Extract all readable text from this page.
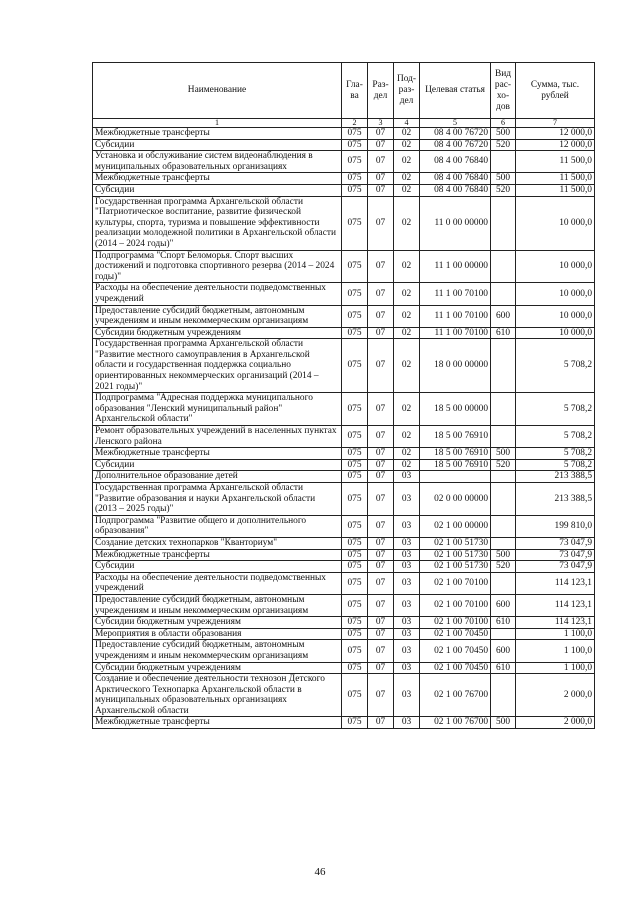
Наименование	Гла-ва	Раз-дел	Под-раз-дел	Целевая статья	Вид рас-хо-дов	Сумма, тыс. рублей
1	2	3	4	5	6	7
Межбюджетные трансферты	075	07	02	08 4 00 76720	500	12 000,0
Субсидии	075	07	02	08 4 00 76720	520	12 000,0
Установка и обслуживание систем видеонаблюдения в муниципальных образовательных организациях	075	07	02	08 4 00 76840		11 500,0
Межбюджетные трансферты	075	07	02	08 4 00 76840	500	11 500,0
Субсидии	075	07	02	08 4 00 76840	520	11 500,0
Государственная программа Архангельской области "Патриотическое воспитание, развитие физической культуры, спорта, туризма и повышение эффективности реализации молодежной политики в Архангельской области (2014 – 2024 годы)"	075	07	02	11 0 00 00000		10 000,0
Подпрограмма "Спорт Беломорья. Спорт высших достижений и подготовка спортивного резерва (2014 – 2024 годы)"	075	07	02	11 1 00 00000		10 000,0
Расходы на обеспечение деятельности подведомственных учреждений	075	07	02	11 1 00 70100		10 000,0
Предоставление субсидий бюджетным, автономным учреждениям и иным некоммерческим организациям	075	07	02	11 1 00 70100	600	10 000,0
Субсидии бюджетным учреждениям	075	07	02	11 1 00 70100	610	10 000,0
Государственная программа Архангельской области "Развитие местного самоуправления в Архангельской области и государственная поддержка социально ориентированных некоммерческих организаций (2014 – 2021 годы)"	075	07	02	18 0 00 00000		5 708,2
Подпрограмма "Адресная поддержка муниципального образования "Ленский муниципальный район" Архангельской области"	075	07	02	18 5 00 00000		5 708,2
Ремонт образовательных учреждений в населенных пунктах Ленского района	075	07	02	18 5 00 76910		5 708,2
Межбюджетные трансферты	075	07	02	18 5 00 76910	500	5 708,2
Субсидии	075	07	02	18 5 00 76910	520	5 708,2
Дополнительное образование детей	075	07	03			213 388,5
Государственная программа Архангельской области "Развитие образования и науки Архангельской области (2013 – 2025 годы)"	075	07	03	02 0 00 00000		213 388,5
Подпрограмма "Развитие общего и дополнительного образования"	075	07	03	02 1 00 00000		199 810,0
Создание детских технопарков "Кванториум"	075	07	03	02 1 00 51730		73 047,9
Межбюджетные трансферты	075	07	03	02 1 00 51730	500	73 047,9
Субсидии	075	07	03	02 1 00 51730	520	73 047,9
Расходы на обеспечение деятельности подведомственных учреждений	075	07	03	02 1 00 70100		114 123,1
Предоставление субсидий бюджетным, автономным учреждениям и иным некоммерческим организациям	075	07	03	02 1 00 70100	600	114 123,1
Субсидии бюджетным учреждениям	075	07	03	02 1 00 70100	610	114 123,1
Мероприятия в области образования	075	07	03	02 1 00 70450		1 100,0
Предоставление субсидий бюджетным, автономным учреждениям и иным некоммерческим организациям	075	07	03	02 1 00 70450	600	1 100,0
Субсидии бюджетным учреждениям	075	07	03	02 1 00 70450	610	1 100,0
Создание и обеспечение деятельности технозон Детского Арктического Технопарка Архангельской области в муниципальных образовательных организациях Архангельской области	075	07	03	02 1 00 76700		2 000,0
Межбюджетные трансферты	075	07	03	02 1 00 76700	500	2 000,0
46
